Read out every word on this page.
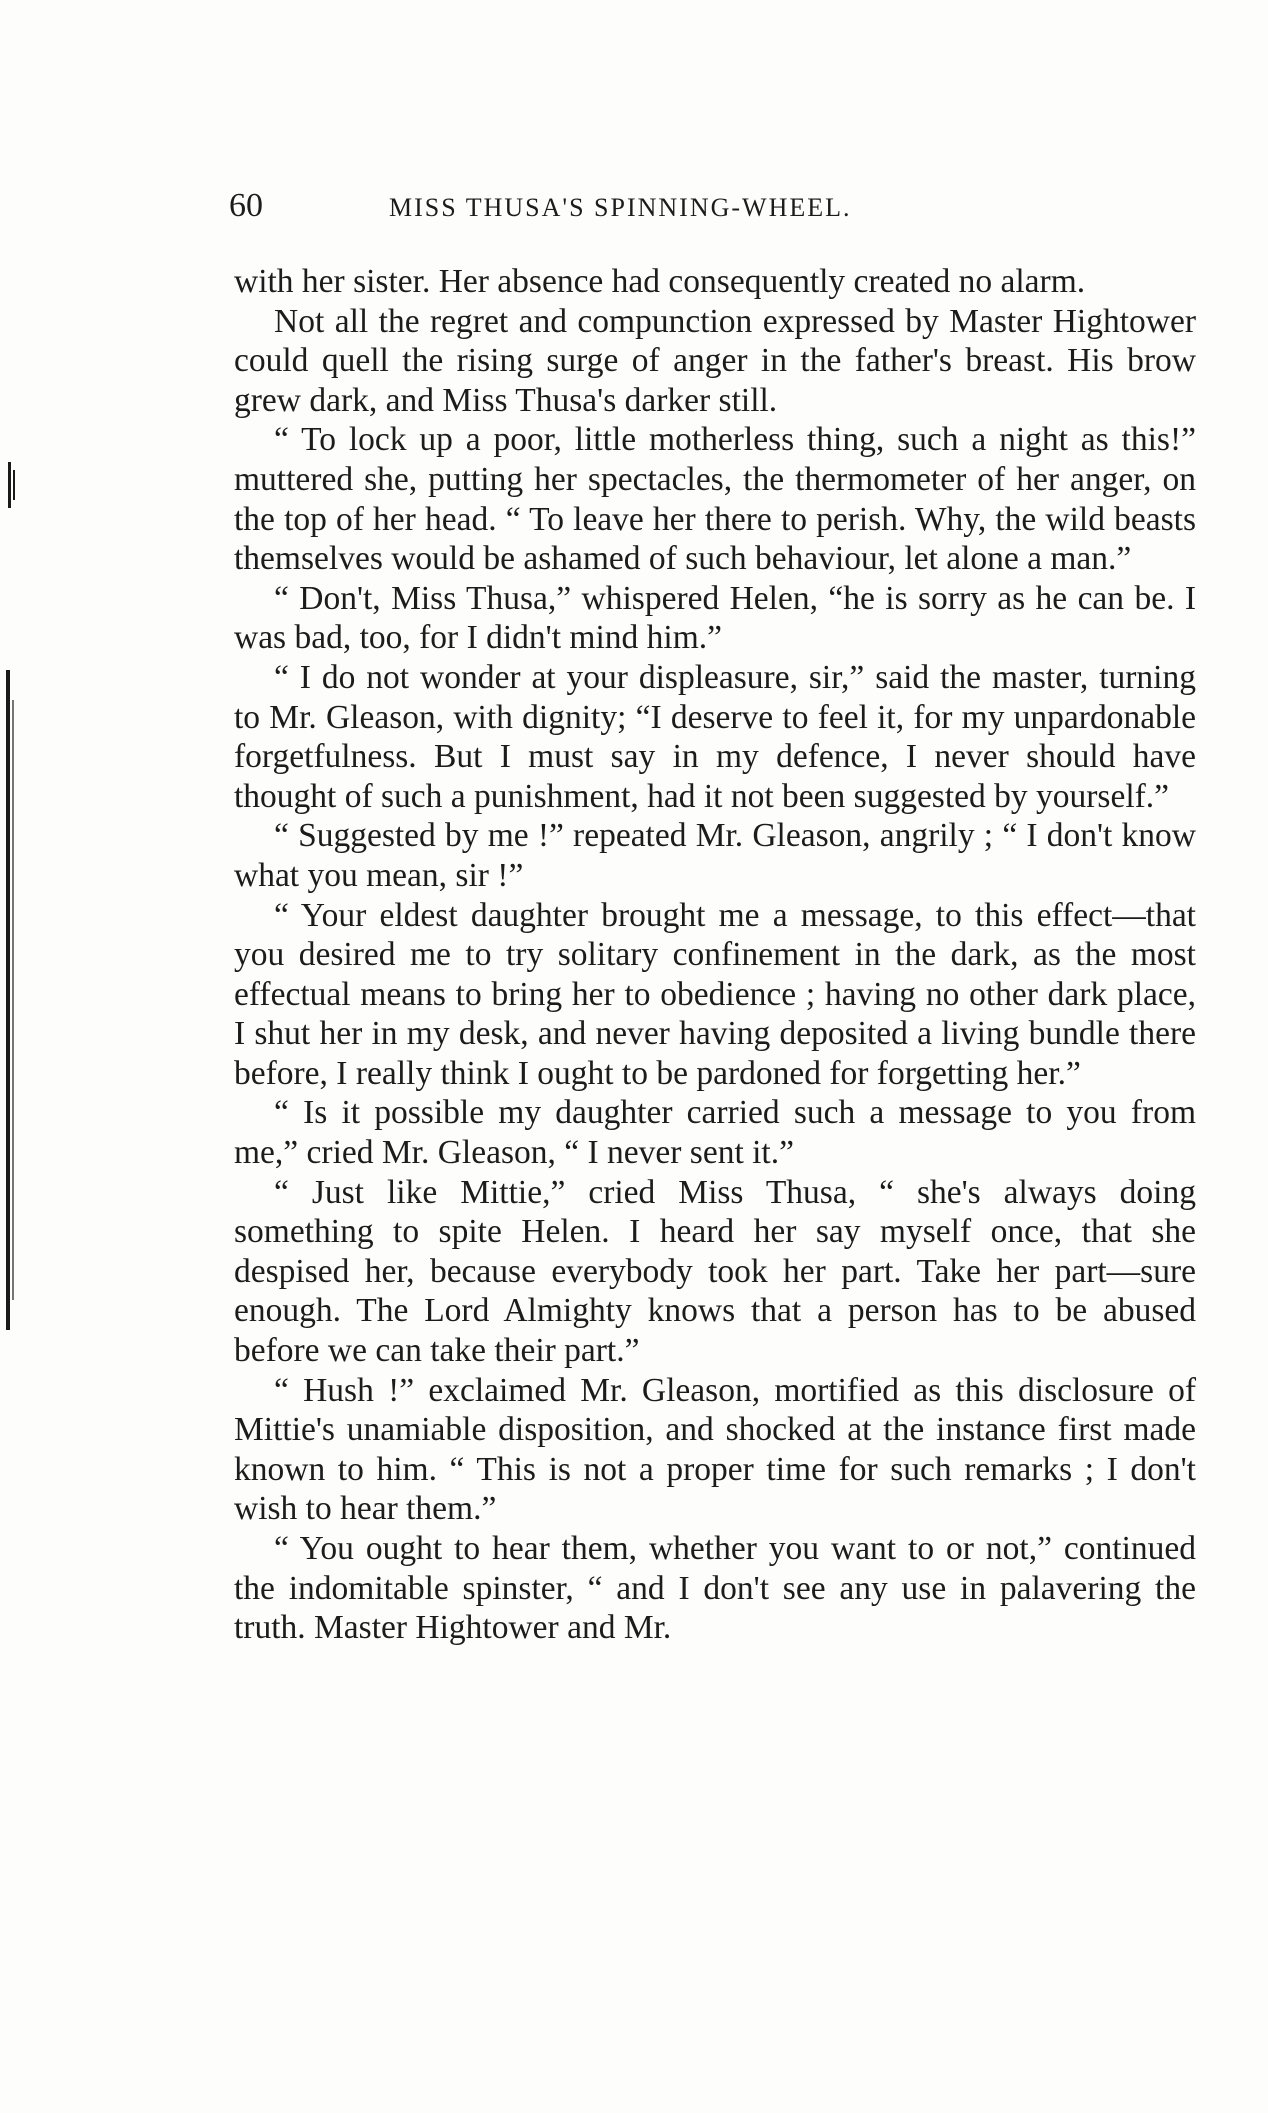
60	MISS THUSA'S SPINNING-WHEEL.

with her sister. Her absence had consequently created no alarm.

Not all the regret and compunction expressed by Master Hightower could quell the rising surge of anger in the father's breast. His brow grew dark, and Miss Thusa's darker still.

“ To lock up a poor, little motherless thing, such a night as this!” muttered she, putting her spectacles, the thermometer of her anger, on the top of her head. “ To leave her there to perish. Why, the wild beasts themselves would be ashamed of such behaviour, let alone a man.”

“ Don't, Miss Thusa,” whispered Helen, “he is sorry as he can be. I was bad, too, for I didn't mind him.”

“ I do not wonder at your displeasure, sir,” said the master, turning to Mr. Gleason, with dignity; “I deserve to feel it, for my unpardonable forgetfulness. But I must say in my defence, I never should have thought of such a punishment, had it not been suggested by yourself.”

“ Suggested by me !” repeated Mr. Gleason, angrily ; “ I don't know what you mean, sir !”

“ Your eldest daughter brought me a message, to this effect—that you desired me to try solitary confinement in the dark, as the most effectual means to bring her to obedience ; having no other dark place, I shut her in my desk, and never having deposited a living bundle there before, I really think I ought to be pardoned for forgetting her.”

“ Is it possible my daughter carried such a message to you from me,” cried Mr. Gleason, “ I never sent it.”

“ Just like Mittie,” cried Miss Thusa, “ she's always doing something to spite Helen. I heard her say myself once, that she despised her, because everybody took her part. Take her part—sure enough. The Lord Almighty knows that a person has to be abused before we can take their part.”

“ Hush !” exclaimed Mr. Gleason, mortified as this disclosure of Mittie's unamiable disposition, and shocked at the instance first made known to him. “ This is not a proper time for such remarks ; I don't wish to hear them.”

“ You ought to hear them, whether you want to or not,” continued the indomitable spinster, “ and I don't see any use in palavering the truth. Master Hightower and Mr.
